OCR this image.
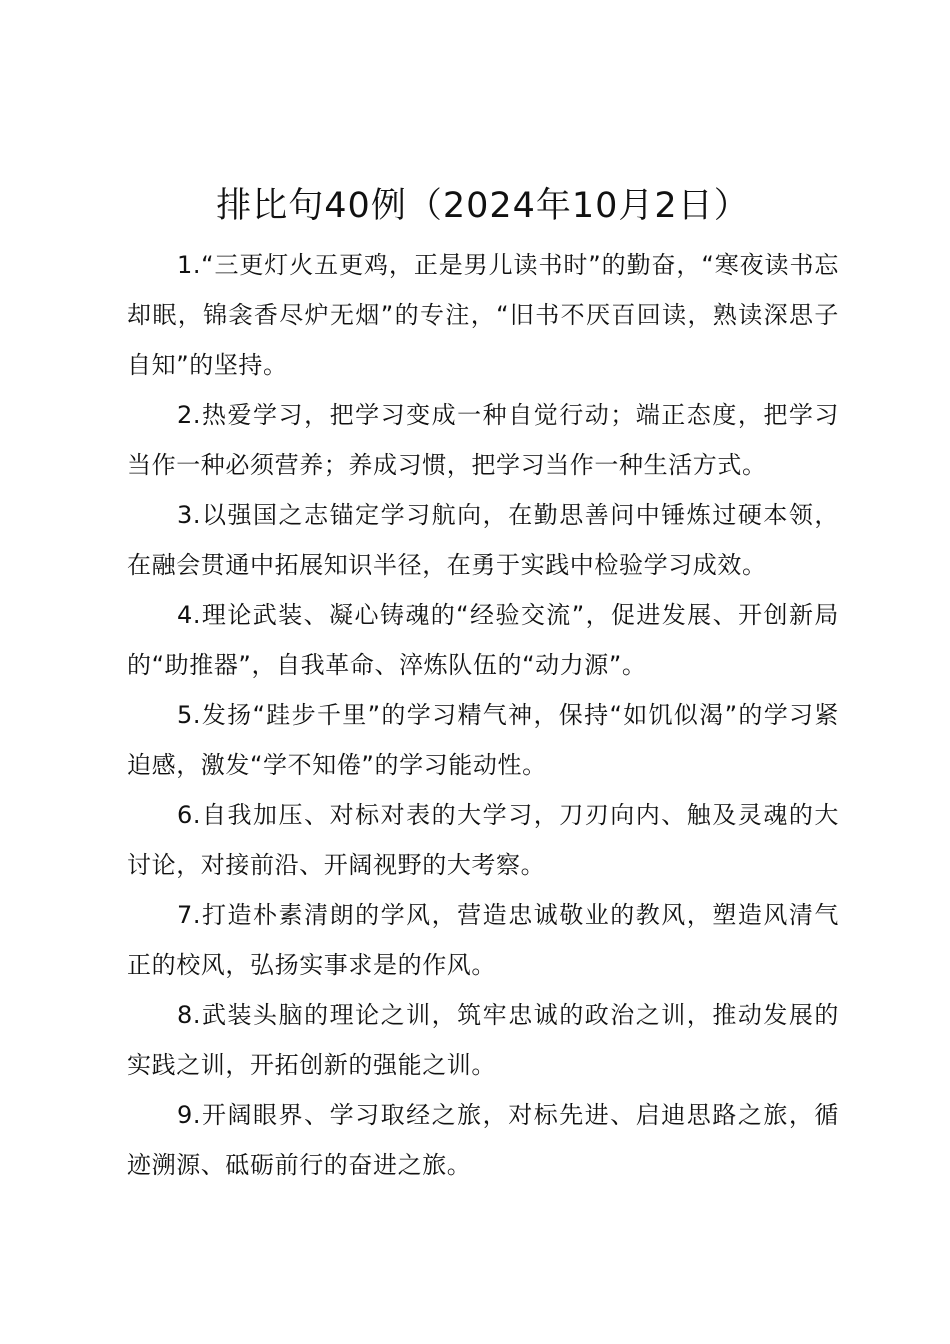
排比句40例（2024年10月2日）

1.“三更灯火五更鸡，正是男儿读书时”的勤奋，“寒夜读书忘却眠，锦衾香尽炉无烟”的专注，“旧书不厌百回读，熟读深思子自知”的坚持。

2.热爱学习，把学习变成一种自觉行动；端正态度，把学习当作一种必须营养；养成习惯，把学习当作一种生活方式。

3.以强国之志锚定学习航向，在勤思善问中锤炼过硬本领，在融会贯通中拓展知识半径，在勇于实践中检验学习成效。

4.理论武装、凝心铸魂的“经验交流”，促进发展、开创新局的“助推器”，自我革命、淬炼队伍的“动力源”。

5.发扬“跬步千里”的学习精气神，保持“如饥似渴”的学习紧迫感，激发“学不知倦”的学习能动性。

6.自我加压、对标对表的大学习，刀刃向内、触及灵魂的大讨论，对接前沿、开阔视野的大考察。

7.打造朴素清朗的学风，营造忠诚敬业的教风，塑造风清气正的校风，弘扬实事求是的作风。

8.武装头脑的理论之训，筑牢忠诚的政治之训，推动发展的实践之训，开拓创新的强能之训。

9.开阔眼界、学习取经之旅，对标先进、启迪思路之旅，循迹溯源、砥砺前行的奋进之旅。
